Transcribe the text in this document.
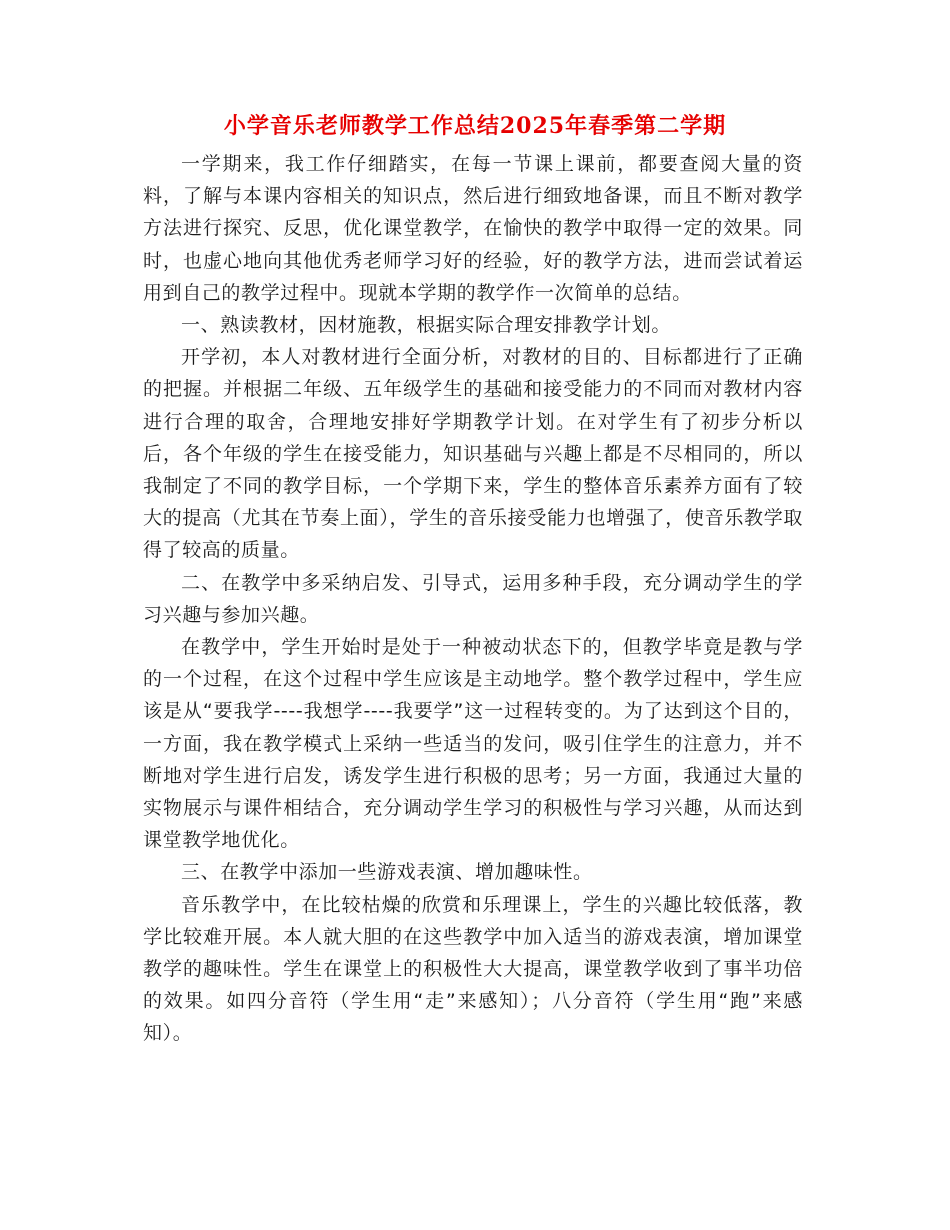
小学音乐老师教学工作总结2025年春季第二学期

一学期来，我工作仔细踏实，在每一节课上课前，都要查阅大量的资料，了解与本课内容相关的知识点，然后进行细致地备课，而且不断对教学方法进行探究、反思，优化课堂教学，在愉快的教学中取得一定的效果。同时，也虚心地向其他优秀老师学习好的经验，好的教学方法，进而尝试着运用到自己的教学过程中。现就本学期的教学作一次简单的总结。

一、熟读教材，因材施教，根据实际合理安排教学计划。

开学初，本人对教材进行全面分析，对教材的目的、目标都进行了正确的把握。并根据二年级、五年级学生的基础和接受能力的不同而对教材内容进行合理的取舍，合理地安排好学期教学计划。在对学生有了初步分析以后，各个年级的学生在接受能力，知识基础与兴趣上都是不尽相同的，所以我制定了不同的教学目标，一个学期下来，学生的整体音乐素养方面有了较大的提高（尤其在节奏上面），学生的音乐接受能力也增强了，使音乐教学取得了较高的质量。

二、在教学中多采纳启发、引导式，运用多种手段，充分调动学生的学习兴趣与参加兴趣。

在教学中，学生开始时是处于一种被动状态下的，但教学毕竟是教与学的一个过程，在这个过程中学生应该是主动地学。整个教学过程中，学生应该是从“要我学----我想学----我要学”这一过程转变的。为了达到这个目的，一方面，我在教学模式上采纳一些适当的发问，吸引住学生的注意力，并不断地对学生进行启发，诱发学生进行积极的思考；另一方面，我通过大量的实物展示与课件相结合，充分调动学生学习的积极性与学习兴趣，从而达到课堂教学地优化。

三、在教学中添加一些游戏表演、增加趣味性。

音乐教学中，在比较枯燥的欣赏和乐理课上，学生的兴趣比较低落，教学比较难开展。本人就大胆的在这些教学中加入适当的游戏表演，增加课堂教学的趣味性。学生在课堂上的积极性大大提高，课堂教学收到了事半功倍的效果。如四分音符（学生用“走”来感知）；八分音符（学生用“跑”来感知）。
